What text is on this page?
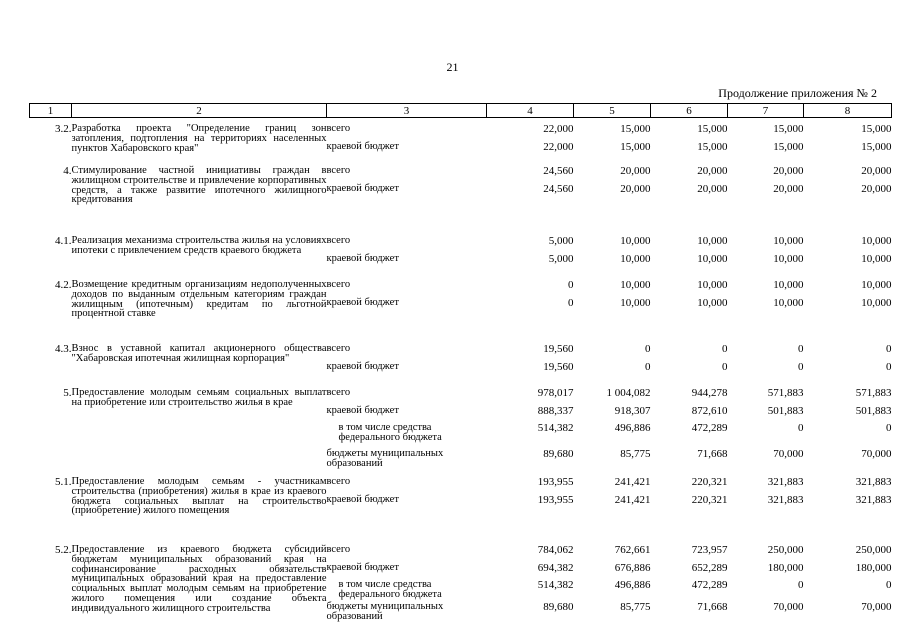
21
Продолжение приложения № 2
1	2	3	4	5	6	7	8

3.2.	Разработка проекта "Определение границ зон затопления, подтопления на территориях населенных пунктов Хабаровского края"	всего	22,000	15,000	15,000	15,000	15,000
		краевой бюджет	22,000	15,000	15,000	15,000	15,000

4.	Стимулирование частной инициативы граждан в жилищном строительстве и привлечение корпоративных средств, а также развитие ипотечного жилищного кредитования	всего	24,560	20,000	20,000	20,000	20,000
		краевой бюджет	24,560	20,000	20,000	20,000	20,000

4.1.	Реализация механизма строительства жилья на условиях ипотеки с привлечением средств краевого бюджета	всего	5,000	10,000	10,000	10,000	10,000
		краевой бюджет	5,000	10,000	10,000	10,000	10,000

4.2.	Возмещение кредитным организациям недополученных доходов по выданным отдельным категориям граждан жилищным (ипотечным) кредитам по льготной процентной ставке	всего	0	10,000	10,000	10,000	10,000
		краевой бюджет	0	10,000	10,000	10,000	10,000

4.3.	Взнос в уставной капитал акционерного общества "Хабаровская ипотечная жилищная корпорация"	всего	19,560	0	0	0	0
		краевой бюджет	19,560	0	0	0	0

5.	Предоставление молодым семьям социальных выплат на приобретение или строительство жилья в крае	всего	978,017	1 004,082	944,278	571,883	571,883
		краевой бюджет	888,337	918,307	872,610	501,883	501,883
		в том числе средства федерального бюджета	514,382	496,886	472,289	0	0
		бюджеты муниципальных образований	89,680	85,775	71,668	70,000	70,000

5.1.	Предоставление молодым семьям - участникам строительства (приобретения) жилья в крае из краевого бюджета социальных выплат на строительство (приобретение) жилого помещения	всего	193,955	241,421	220,321	321,883	321,883
		краевой бюджет	193,955	241,421	220,321	321,883	321,883

5.2.	Предоставление из краевого бюджета субсидий бюджетам муниципальных образований края на софинансирование расходных обязательств муниципальных образований края на предоставление социальных выплат молодым семьям на приобретение жилого помещения или создание объекта индивидуального жилищного строительства	всего	784,062	762,661	723,957	250,000	250,000
		краевой бюджет	694,382	676,886	652,289	180,000	180,000
		в том числе средства федерального бюджета	514,382	496,886	472,289	0	0
		бюджеты муниципальных образований	89,680	85,775	71,668	70,000	70,000
